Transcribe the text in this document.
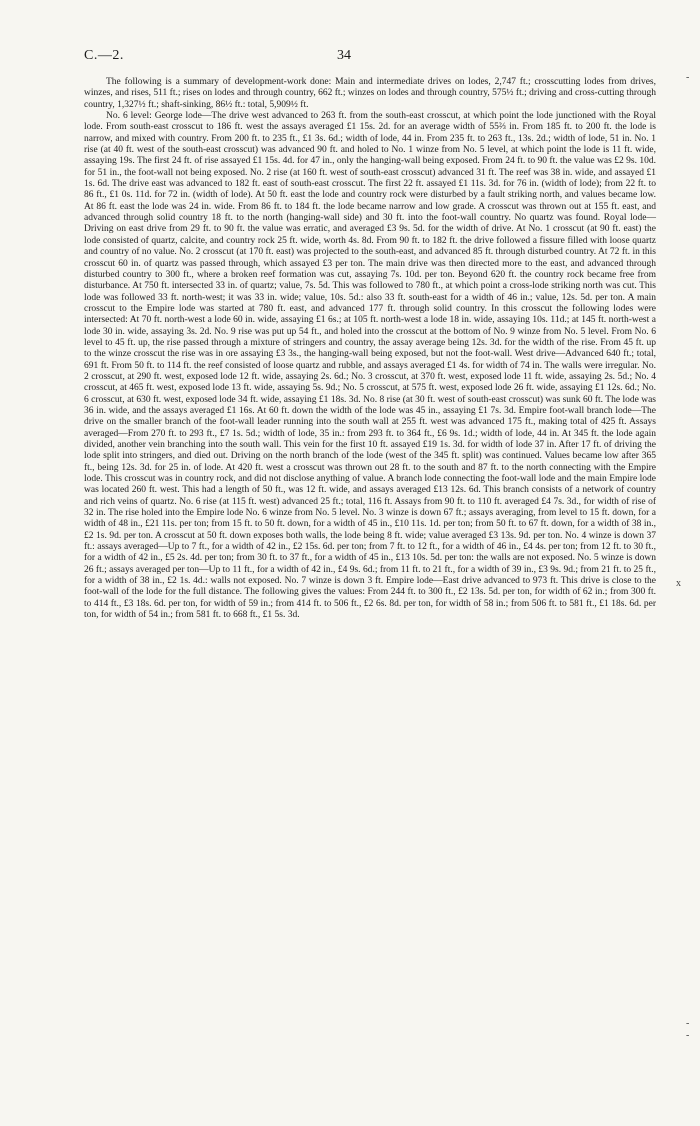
C.—2.	34
-
x
-
-

The following is a summary of development-work done: Main and intermediate drives on lodes, 2,747 ft.; crosscutting lodes from drives, winzes, and rises, 511 ft.; rises on lodes and through country, 662 ft.; winzes on lodes and through country, 575½ ft.; driving and cross-cutting through country, 1,327½ ft.; shaft-sinking, 86½ ft.: total, 5,909½ ft.

No. 6 level: George lode—The drive west advanced to 263 ft. from the south-east crosscut, at which point the lode junctioned with the Royal lode. From south-east crosscut to 186 ft. west the assays averaged £1 15s. 2d. for an average width of 55⅔ in. From 185 ft. to 200 ft. the lode is narrow, and mixed with country. From 200 ft. to 235 ft., £1 3s. 6d.; width of lode, 44 in. From 235 ft. to 263 ft., 13s. 2d.; width of lode, 51 in. No. 1 rise (at 40 ft. west of the south-east crosscut) was advanced 90 ft. and holed to No. 1 winze from No. 5 level, at which point the lode is 11 ft. wide, assaying 19s. The first 24 ft. of rise assayed £1 15s. 4d. for 47 in., only the hanging-wall being exposed. From 24 ft. to 90 ft. the value was £2 9s. 10d. for 51 in., the foot-wall not being exposed. No. 2 rise (at 160 ft. west of south-east crosscut) advanced 31 ft. The reef was 38 in. wide, and assayed £1 1s. 6d. The drive east was advanced to 182 ft. east of south-east crosscut. The first 22 ft. assayed £1 11s. 3d. for 76 in. (width of lode); from 22 ft. to 86 ft., £1 0s. 11d. for 72 in. (width of lode). At 50 ft. east the lode and country rock were disturbed by a fault striking north, and values became low. At 86 ft. east the lode was 24 in. wide. From 86 ft. to 184 ft. the lode became narrow and low grade. A crosscut was thrown out at 155 ft. east, and advanced through solid country 18 ft. to the north (hanging-wall side) and 30 ft. into the foot-wall country. No quartz was found. Royal lode—Driving on east drive from 29 ft. to 90 ft. the value was erratic, and averaged £3 9s. 5d. for the width of drive. At No. 1 crosscut (at 90 ft. east) the lode consisted of quartz, calcite, and country rock 25 ft. wide, worth 4s. 8d. From 90 ft. to 182 ft. the drive followed a fissure filled with loose quartz and country of no value. No. 2 crosscut (at 170 ft. east) was projected to the south-east, and advanced 85 ft. through disturbed country. At 72 ft. in this crosscut 60 in. of quartz was passed through, which assayed £3 per ton. The main drive was then directed more to the east, and advanced through disturbed country to 300 ft., where a broken reef formation was cut, assaying 7s. 10d. per ton. Beyond 620 ft. the country rock became free from disturbance. At 750 ft. intersected 33 in. of quartz; value, 7s. 5d. This was followed to 780 ft., at which point a cross-lode striking north was cut. This lode was followed 33 ft. north-west; it was 33 in. wide; value, 10s. 5d.: also 33 ft. south-east for a width of 46 in.; value, 12s. 5d. per ton. A main crosscut to the Empire lode was started at 780 ft. east, and advanced 177 ft. through solid country. In this crosscut the following lodes were intersected: At 70 ft. north-west a lode 60 in. wide, assaying £1 6s.; at 105 ft. north-west a lode 18 in. wide, assaying 10s. 11d.; at 145 ft. north-west a lode 30 in. wide, assaying 3s. 2d. No. 9 rise was put up 54 ft., and holed into the crosscut at the bottom of No. 9 winze from No. 5 level. From No. 6 level to 45 ft. up, the rise passed through a mixture of stringers and country, the assay average being 12s. 3d. for the width of the rise. From 45 ft. up to the winze crosscut the rise was in ore assaying £3 3s., the hanging-wall being exposed, but not the foot-wall. West drive—Advanced 640 ft.; total, 691 ft. From 50 ft. to 114 ft. the reef consisted of loose quartz and rubble, and assays averaged £1 4s. for width of 74 in. The walls were irregular. No. 2 crosscut, at 290 ft. west, exposed lode 12 ft. wide, assaying 2s. 6d.; No. 3 crosscut, at 370 ft. west, exposed lode 11 ft. wide, assaying 2s. 5d.; No. 4 crosscut, at 465 ft. west, exposed lode 13 ft. wide, assaying 5s. 9d.; No. 5 crosscut, at 575 ft. west, exposed lode 26 ft. wide, assaying £1 12s. 6d.; No. 6 crosscut, at 630 ft. west, exposed lode 34 ft. wide, assaying £1 18s. 3d. No. 8 rise (at 30 ft. west of south-east crosscut) was sunk 60 ft. The lode was 36 in. wide, and the assays averaged £1 16s. At 60 ft. down the width of the lode was 45 in., assaying £1 7s. 3d. Empire foot-wall branch lode—The drive on the smaller branch of the foot-wall leader running into the south wall at 255 ft. west was advanced 175 ft., making total of 425 ft. Assays averaged—From 270 ft. to 293 ft., £7 1s. 5d.; width of lode, 35 in.: from 293 ft. to 364 ft., £6 9s. 1d.; width of lode, 44 in. At 345 ft. the lode again divided, another vein branching into the south wall. This vein for the first 10 ft. assayed £19 1s. 3d. for width of lode 37 in. After 17 ft. of driving the lode split into stringers, and died out. Driving on the north branch of the lode (west of the 345 ft. split) was continued. Values became low after 365 ft., being 12s. 3d. for 25 in. of lode. At 420 ft. west a crosscut was thrown out 28 ft. to the south and 87 ft. to the north connecting with the Empire lode. This crosscut was in country rock, and did not disclose anything of value. A branch lode connecting the foot-wall lode and the main Empire lode was located 260 ft. west. This had a length of 50 ft., was 12 ft. wide, and assays averaged £13 12s. 6d. This branch consists of a network of country and rich veins of quartz. No. 6 rise (at 115 ft. west) advanced 25 ft.; total, 116 ft. Assays from 90 ft. to 110 ft. averaged £4 7s. 3d., for width of rise of 32 in. The rise holed into the Empire lode No. 6 winze from No. 5 level. No. 3 winze is down 67 ft.; assays averaging, from level to 15 ft. down, for a width of 48 in., £21 11s. per ton; from 15 ft. to 50 ft. down, for a width of 45 in., £10 11s. 1d. per ton; from 50 ft. to 67 ft. down, for a width of 38 in., £2 1s. 9d. per ton. A crosscut at 50 ft. down exposes both walls, the lode being 8 ft. wide; value averaged £3 13s. 9d. per ton. No. 4 winze is down 37 ft.: assays averaged—Up to 7 ft., for a width of 42 in., £2 15s. 6d. per ton; from 7 ft. to 12 ft., for a width of 46 in., £4 4s. per ton; from 12 ft. to 30 ft., for a width of 42 in., £5 2s. 4d. per ton; from 30 ft. to 37 ft., for a width of 45 in., £13 10s. 5d. per ton: the walls are not exposed. No. 5 winze is down 26 ft.; assays averaged per ton—Up to 11 ft., for a width of 42 in., £4 9s. 6d.; from 11 ft. to 21 ft., for a width of 39 in., £3 9s. 9d.; from 21 ft. to 25 ft., for a width of 38 in., £2 1s. 4d.: walls not exposed. No. 7 winze is down 3 ft. Empire lode—East drive advanced to 973 ft. This drive is close to the foot-wall of the lode for the full distance. The following gives the values: From 244 ft. to 300 ft., £2 13s. 5d. per ton, for width of 62 in.; from 300 ft. to 414 ft., £3 18s. 6d. per ton, for width of 59 in.; from 414 ft. to 506 ft., £2 6s. 8d. per ton, for width of 58 in.; from 506 ft. to 581 ft., £1 18s. 6d. per ton, for width of 54 in.; from 581 ft. to 668 ft., £1 5s. 3d.
